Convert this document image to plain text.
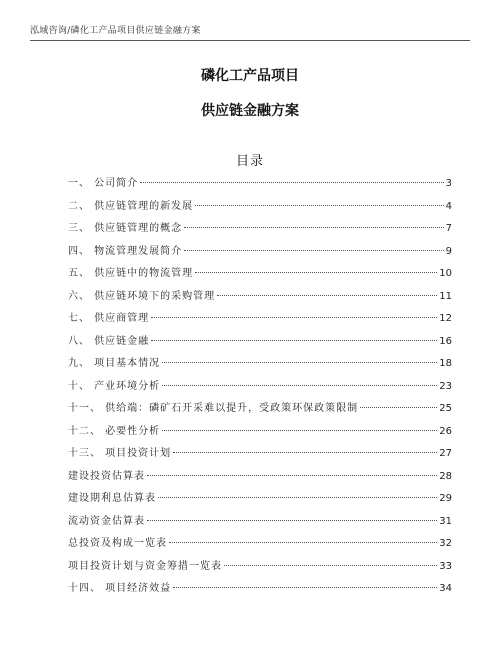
泓域咨询/磷化工产品项目供应链金融方案
磷化工产品项目
供应链金融方案
目录
一、 公司简介	3
二、 供应链管理的新发展	4
三、 供应链管理的概念	7
四、 物流管理发展简介	9
五、 供应链中的物流管理	10
六、 供应链环境下的采购管理	11
七、 供应商管理	12
八、 供应链金融	16
九、 项目基本情况	18
十、 产业环境分析	23
十一、 供给端：磷矿石开采难以提升，受政策环保政策限制	25
十二、 必要性分析	26
十三、 项目投资计划	27
建设投资估算表	28
建设期利息估算表	29
流动资金估算表	31
总投资及构成一览表	32
项目投资计划与资金筹措一览表	33
十四、 项目经济效益	34
